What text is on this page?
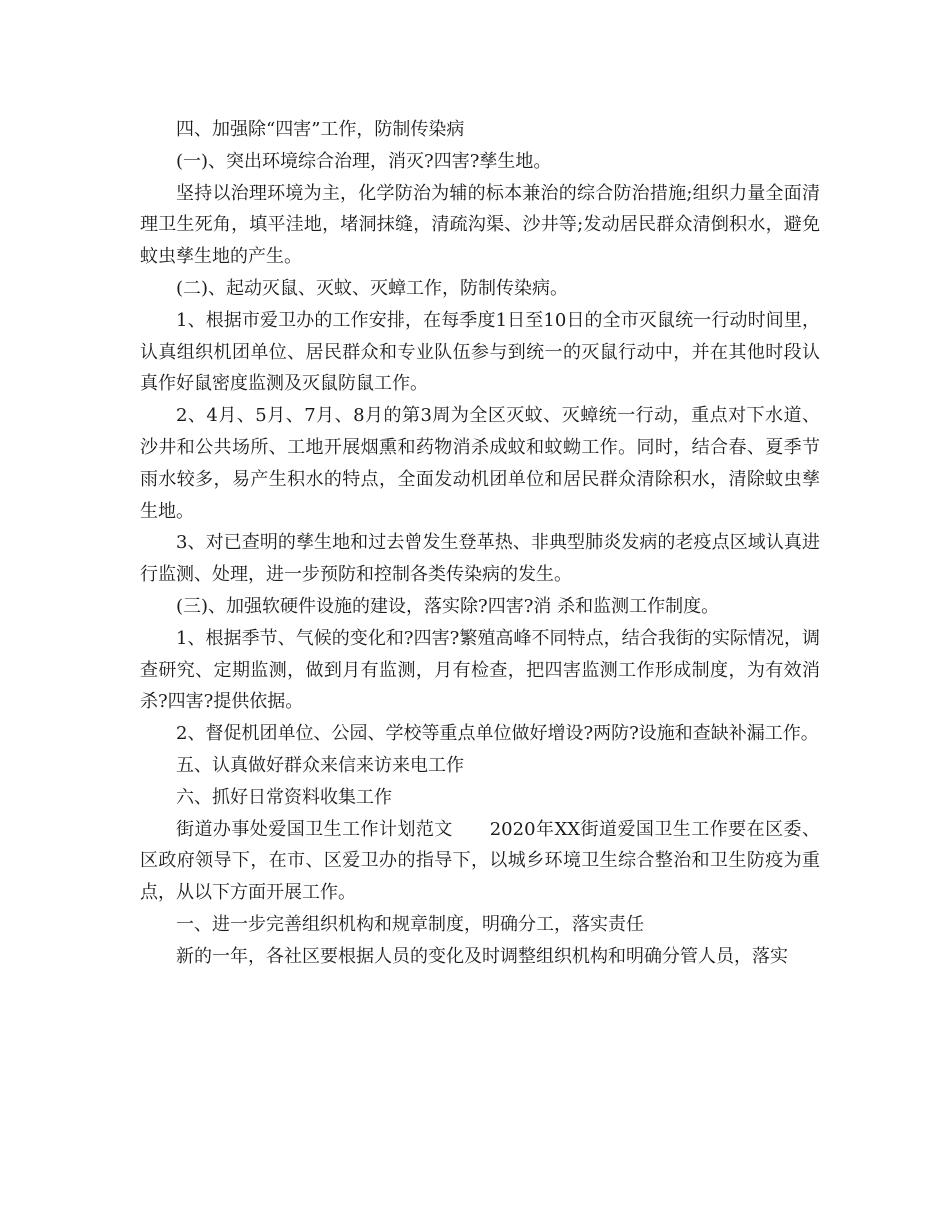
四、加强除“四害”工作，防制传染病

(一)、突出环境综合治理，消灭?四害?孳生地。

坚持以治理环境为主，化学防治为辅的标本兼治的综合防治措施;组织力量全面清理卫生死角，填平洼地，堵洞抹缝，清疏沟渠、沙井等;发动居民群众清倒积水，避免蚊虫孳生地的产生。

(二)、起动灭鼠、灭蚊、灭蟑工作，防制传染病。

1、根据市爱卫办的工作安排，在每季度1日至10日的全市灭鼠统一行动时间里，认真组织机团单位、居民群众和专业队伍参与到统一的灭鼠行动中，并在其他时段认真作好鼠密度监测及灭鼠防鼠工作。

2、4月、5月、7月、8月的第3周为全区灭蚊、灭蟑统一行动，重点对下水道、沙井和公共场所、工地开展烟熏和药物消杀成蚊和蚊蚴工作。同时，结合春、夏季节雨水较多，易产生积水的特点，全面发动机团单位和居民群众清除积水，清除蚊虫孳生地。

3、对已查明的孳生地和过去曾发生登革热、非典型肺炎发病的老疫点区域认真进行监测、处理，进一步预防和控制各类传染病的发生。

(三)、加强软硬件设施的建设，落实除?四害?消 杀和监测工作制度。

1、根据季节、气候的变化和?四害?繁殖高峰不同特点，结合我街的实际情况，调查研究、定期监测，做到月有监测，月有检查，把四害监测工作形成制度，为有效消杀?四害?提供依据。

2、督促机团单位、公园、学校等重点单位做好增设?两防?设施和查缺补漏工作。

五、认真做好群众来信来访来电工作

六、抓好日常资料收集工作

街道办事处爱国卫生工作计划范文　　2020年XX街道爱国卫生工作要在区委、区政府领导下，在市、区爱卫办的指导下，以城乡环境卫生综合整治和卫生防疫为重点，从以下方面开展工作。

一、进一步完善组织机构和规章制度，明确分工，落实责任

新的一年，各社区要根据人员的变化及时调整组织机构和明确分管人员，落实
